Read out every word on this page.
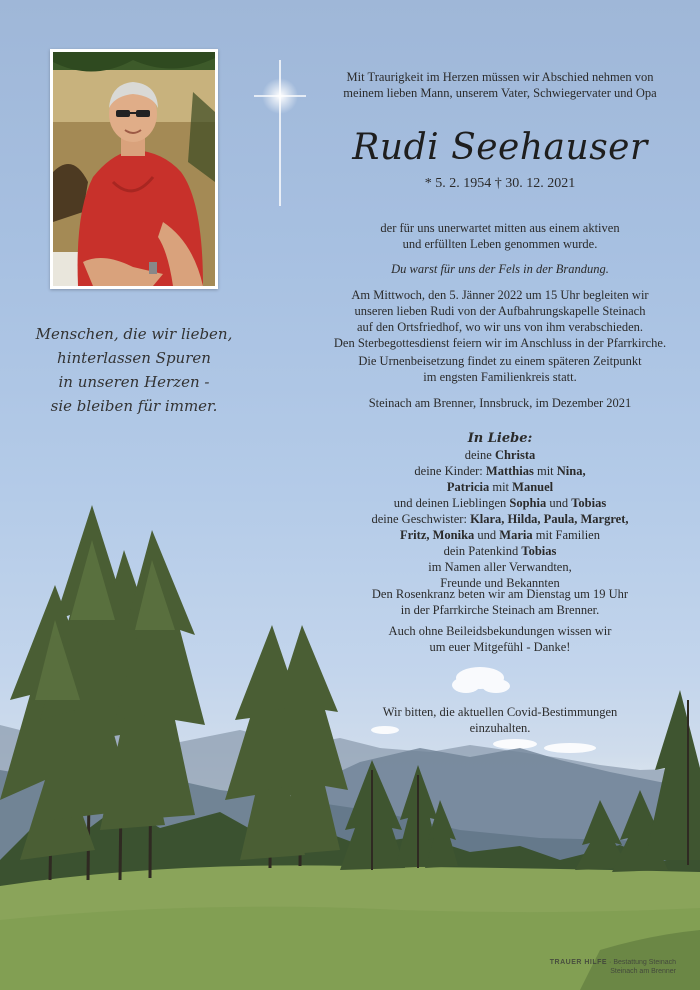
Menschen, die wir lieben,
hinterlassen Spuren
in unseren Herzen -
sie bleiben für immer.

Mit Traurigkeit im Herzen müssen wir Abschied nehmen von

meinem lieben Mann, unserem Vater, Schwiegervater und Opa

Rudi Seehauser
* 5. 2. 1954 † 30. 12. 2021

der für uns unerwartet mitten aus einem aktiven

und erfüllten Leben genommen wurde.

Du warst für uns der Fels in der Brandung.

Am Mittwoch, den 5. Jänner 2022 um 15 Uhr begleiten wir

unseren lieben Rudi von der Aufbahrungskapelle Steinach

auf den Ortsfriedhof, wo wir uns von ihm verabschieden.

Den Sterbegottesdienst feiern wir im Anschluss in der Pfarrkirche.

Die Urnenbeisetzung findet zu einem späteren Zeitpunkt

im engsten Familienkreis statt.

Steinach am Brenner, Innsbruck, im Dezember 2021

In Liebe:

deine Christa

deine Kinder: Matthias mit Nina,

Patricia mit Manuel

und deinen Lieblingen Sophia und Tobias

deine Geschwister: Klara, Hilda, Paula, Margret,

Fritz, Monika und Maria mit Familien

dein Patenkind Tobias

im Namen aller Verwandten,

Freunde und Bekannten

Den Rosenkranz beten wir am Dienstag um 19 Uhr

in der Pfarrkirche Steinach am Brenner.

Auch ohne Beileidsbekundungen wissen wir

um euer Mitgefühl - Danke!

Wir bitten, die aktuellen Covid-Bestimmungen

einzuhalten.

TRAUER HILFE · Bestattung Steinach
Steinach am Brenner
